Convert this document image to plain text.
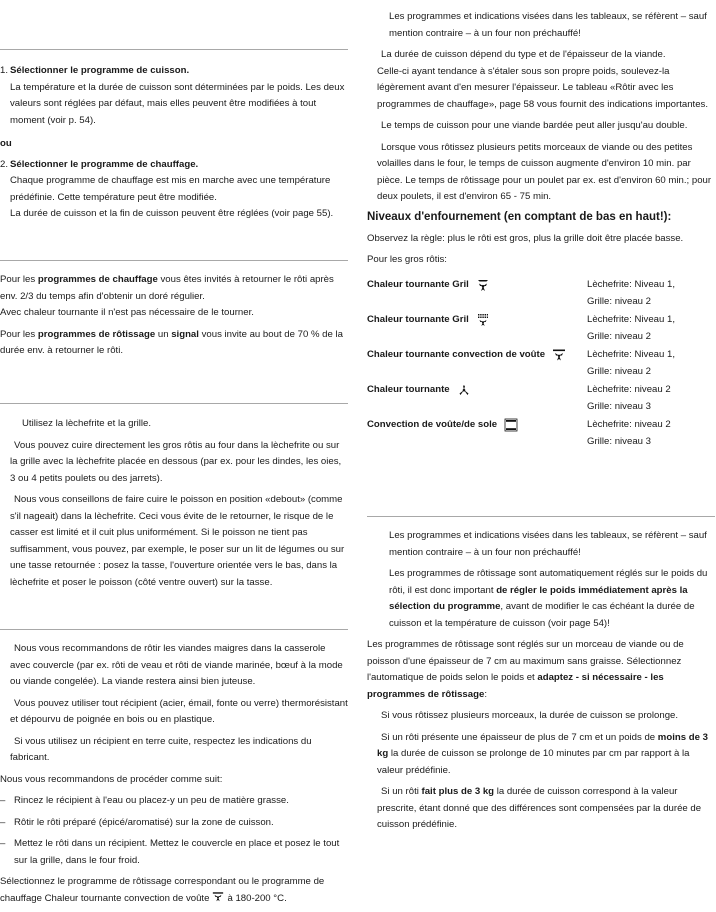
1. Sélectionner le programme de cuisson.

La température et la durée de cuisson sont déterminées par le poids. Les deux valeurs sont réglées par défaut, mais elles peuvent être modifiées à tout moment (voir p. 54).

ou
2. Sélectionner le programme de chauffage.
Chaque programme de chauffage est mis en marche avec une température prédéfinie. Cette température peut être modifiée.
La durée de cuisson et la fin de cuisson peuvent être réglées (voir page 55).

Pour les programmes de chauffage vous êtes invités à retourner le rôti après env. 2/3 du temps afin d'obtenir un doré régulier.

Avec chaleur tournante il n'est pas nécessaire de le tourner.

Pour les programmes de rôtissage un signal vous invite au bout de 70 % de la durée env. à retourner le rôti.

Utilisez la lèchefrite et la grille.

Vous pouvez cuire directement les gros rôtis au four dans la lèchefrite ou sur la grille avec la lèchefrite placée en dessous (par ex. pour les dindes, les oies, 3 ou 4 petits poulets ou des jarrets).

Nous vous conseillons de faire cuire le poisson en position «debout» (comme s'il nageait) dans la lèchefrite. Ceci vous évite de le retourner, le risque de le casser est limité et il cuit plus uniformément. Si le poisson ne tient pas suffisamment, vous pouvez, par exemple, le poser sur un lit de légumes ou sur une tasse retournée : posez la tasse, l'ouverture orientée vers le bas, dans la lèchefrite et poser le poisson (côté ventre ouvert) sur la tasse.

Nous vous recommandons de rôtir les viandes maigres dans la casserole avec couvercle (par ex. rôti de veau et rôti de viande marinée, bœuf à la mode ou viande congelée). La viande restera ainsi bien juteuse.

Vous pouvez utiliser tout récipient (acier, émail, fonte ou verre) thermorésistant et dépourvu de poignée en bois ou en plastique.

Si vous utilisez un récipient en terre cuite, respectez les indications du fabricant.

Nous vous recommandons de procéder comme suit:

– Rincez le récipient à l'eau ou placez-y un peu de matière grasse.
– Rôtir le rôti préparé (épicé/aromatisé) sur la zone de cuisson.
– Mettez le rôti dans un récipient. Mettez le couvercle en place et posez le tout sur la grille, dans le four froid.

Sélectionnez le programme de rôtissage correspondant ou le programme de chauffage Chaleur tournante convection de voûte à 180-200 °C.

Les programmes et indications visées dans les tableaux, se réfèrent – sauf mention contraire – à un four non préchauffé!

La durée de cuisson dépend du type et de l'épaisseur de la viande.

Celle-ci ayant tendance à s'étaler sous son propre poids, soulevez-la légèrement avant d'en mesurer l'épaisseur. Le tableau «Rôtir avec les programmes de chauffage», page 58 vous fournit des indications importantes.

Le temps de cuisson pour une viande bardée peut aller jusqu'au double.

Lorsque vous rôtissez plusieurs petits morceaux de viande ou des petites volailles dans le four, le temps de cuisson augmente d'environ 10 min. par pièce. Le temps de rôtissage pour un poulet par ex. est d'environ 60 min.; pour deux poulets, il est d'environ 65 - 75 min.

Niveaux d'enfournement (en comptant de bas en haut!):
Observez la règle: plus le rôti est gros, plus la grille doit être placée basse.
Pour les gros rôtis:
Chaleur tournante Gril	Lèchefrite: Niveau 1,
Grille: niveau 2
Chaleur tournante Gril	Lèchefrite: Niveau 1,
Grille: niveau 2
Chaleur tournante convection de voûte	Lèchefrite: Niveau 1,
Grille: niveau 2
Chaleur tournante	Lèchefrite: niveau 2
Grille: niveau 3
Convection de voûte/de sole	Lèchefrite: niveau 2
Grille: niveau 3

Les programmes et indications visées dans les tableaux, se réfèrent – sauf mention contraire – à un four non préchauffé!

Les programmes de rôtissage sont automatiquement réglés sur le poids du rôti, il est donc important de régler le poids immédiatement après la sélection du programme, avant de modifier le cas échéant la durée de cuisson et la température de cuisson (voir page 54)!

Les programmes de rôtissage sont réglés sur un morceau de viande ou de poisson d'une épaisseur de 7 cm au maximum sans graisse. Sélectionnez l'automatique de poids selon le poids et adaptez - si nécessaire - les programmes de rôtissage:

Si vous rôtissez plusieurs morceaux, la durée de cuisson se prolonge.

Si un rôti présente une épaisseur de plus de 7 cm et un poids de moins de 3 kg la durée de cuisson se prolonge de 10 minutes par cm par rapport à la valeur prédéfinie.

Si un rôti fait plus de 3 kg la durée de cuisson correspond à la valeur prescrite, étant donné que des différences sont compensées par la durée de cuisson prédéfinie.
